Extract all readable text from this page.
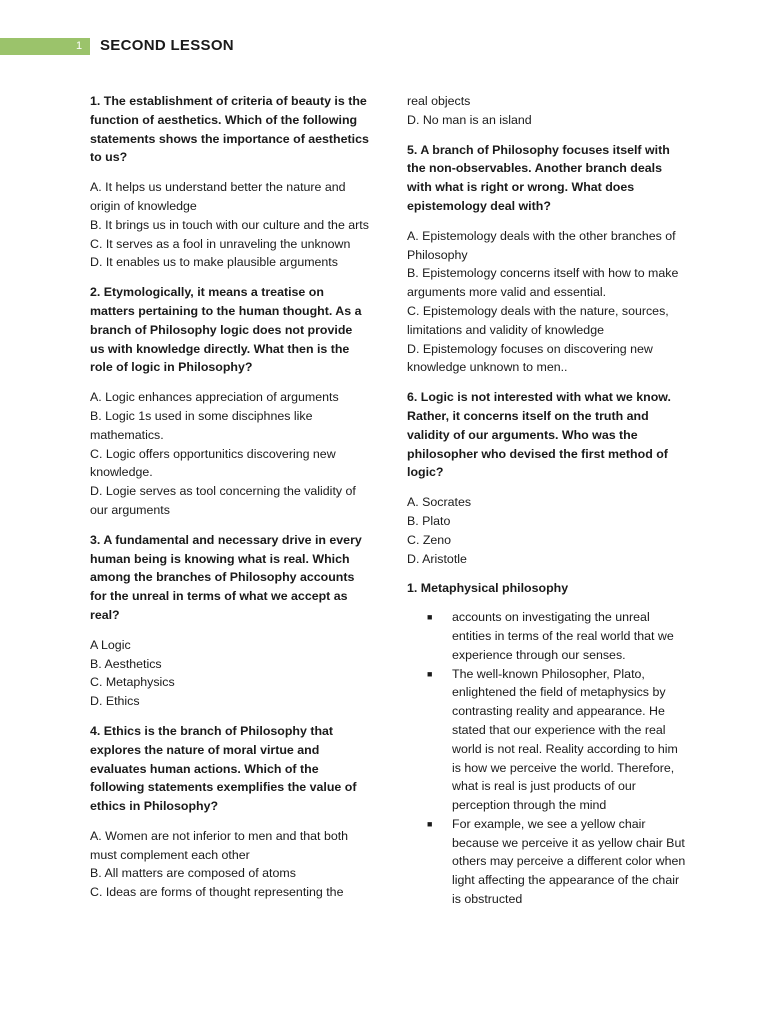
1 SECOND LESSON
1. The establishment of criteria of beauty is the function of aesthetics. Which of the following statements shows the importance of aesthetics to us?
A. It helps us understand better the nature and origin of knowledge
B. It brings us in touch with our culture and the arts
C. It serves as a fool in unraveling the unknown
D. It enables us to make plausible arguments
2. Etymologically, it means a treatise on matters pertaining to the human thought. As a branch of Philosophy logic does not provide us with knowledge directly. What then is the role of logic in Philosophy?
A. Logic enhances appreciation of arguments
B. Logic 1s used in some disciphnes like mathematics.
C. Logic offers opportunitics discovering new knowledge.
D. Logie serves as tool concerning the validity of our arguments
3. A fundamental and necessary drive in every human being is knowing what is real. Which among the branches of Philosophy accounts for the unreal in terms of what we accept as real?
A Logic
B. Aesthetics
C. Metaphysics
D. Ethics
4. Ethics is the branch of Philosophy that explores the nature of moral virtue and evaluates human actions. Which of the following statements exemplifies the value of ethics in Philosophy?
A. Women are not inferior to men and that both must complement each other
B. All matters are composed of atoms
C. Ideas are forms of thought representing the
real objects
D. No man is an island
5. A branch of Philosophy focuses itself with the non-observables. Another branch deals with what is right or wrong. What does epistemology deal with?
A. Epistemology deals with the other branches of Philosophy
B. Epistemology concerns itself with how to make arguments more valid and essential.
C. Epistemology deals with the nature, sources, limitations and validity of knowledge
D. Epistemology focuses on discovering new knowledge unknown to men..
6. Logic is not interested with what we know. Rather, it concerns itself on the truth and validity of our arguments. Who was the philosopher who devised the first method of logic?
A. Socrates
B. Plato
C. Zeno
D. Aristotle
1. Metaphysical philosophy
■ accounts on investigating the unreal entities in terms of the real world that we experience through our senses.
■ The well-known Philosopher, Plato, enlightened the field of metaphysics by contrasting reality and appearance. He stated that our experience with the real world is not real. Reality according to him is how we perceive the world. Therefore, what is real is just products of our perception through the mind
■ For example, we see a yellow chair because we perceive it as yellow chair But others may perceive a different color when light affecting the appearance of the chair is obstructed
